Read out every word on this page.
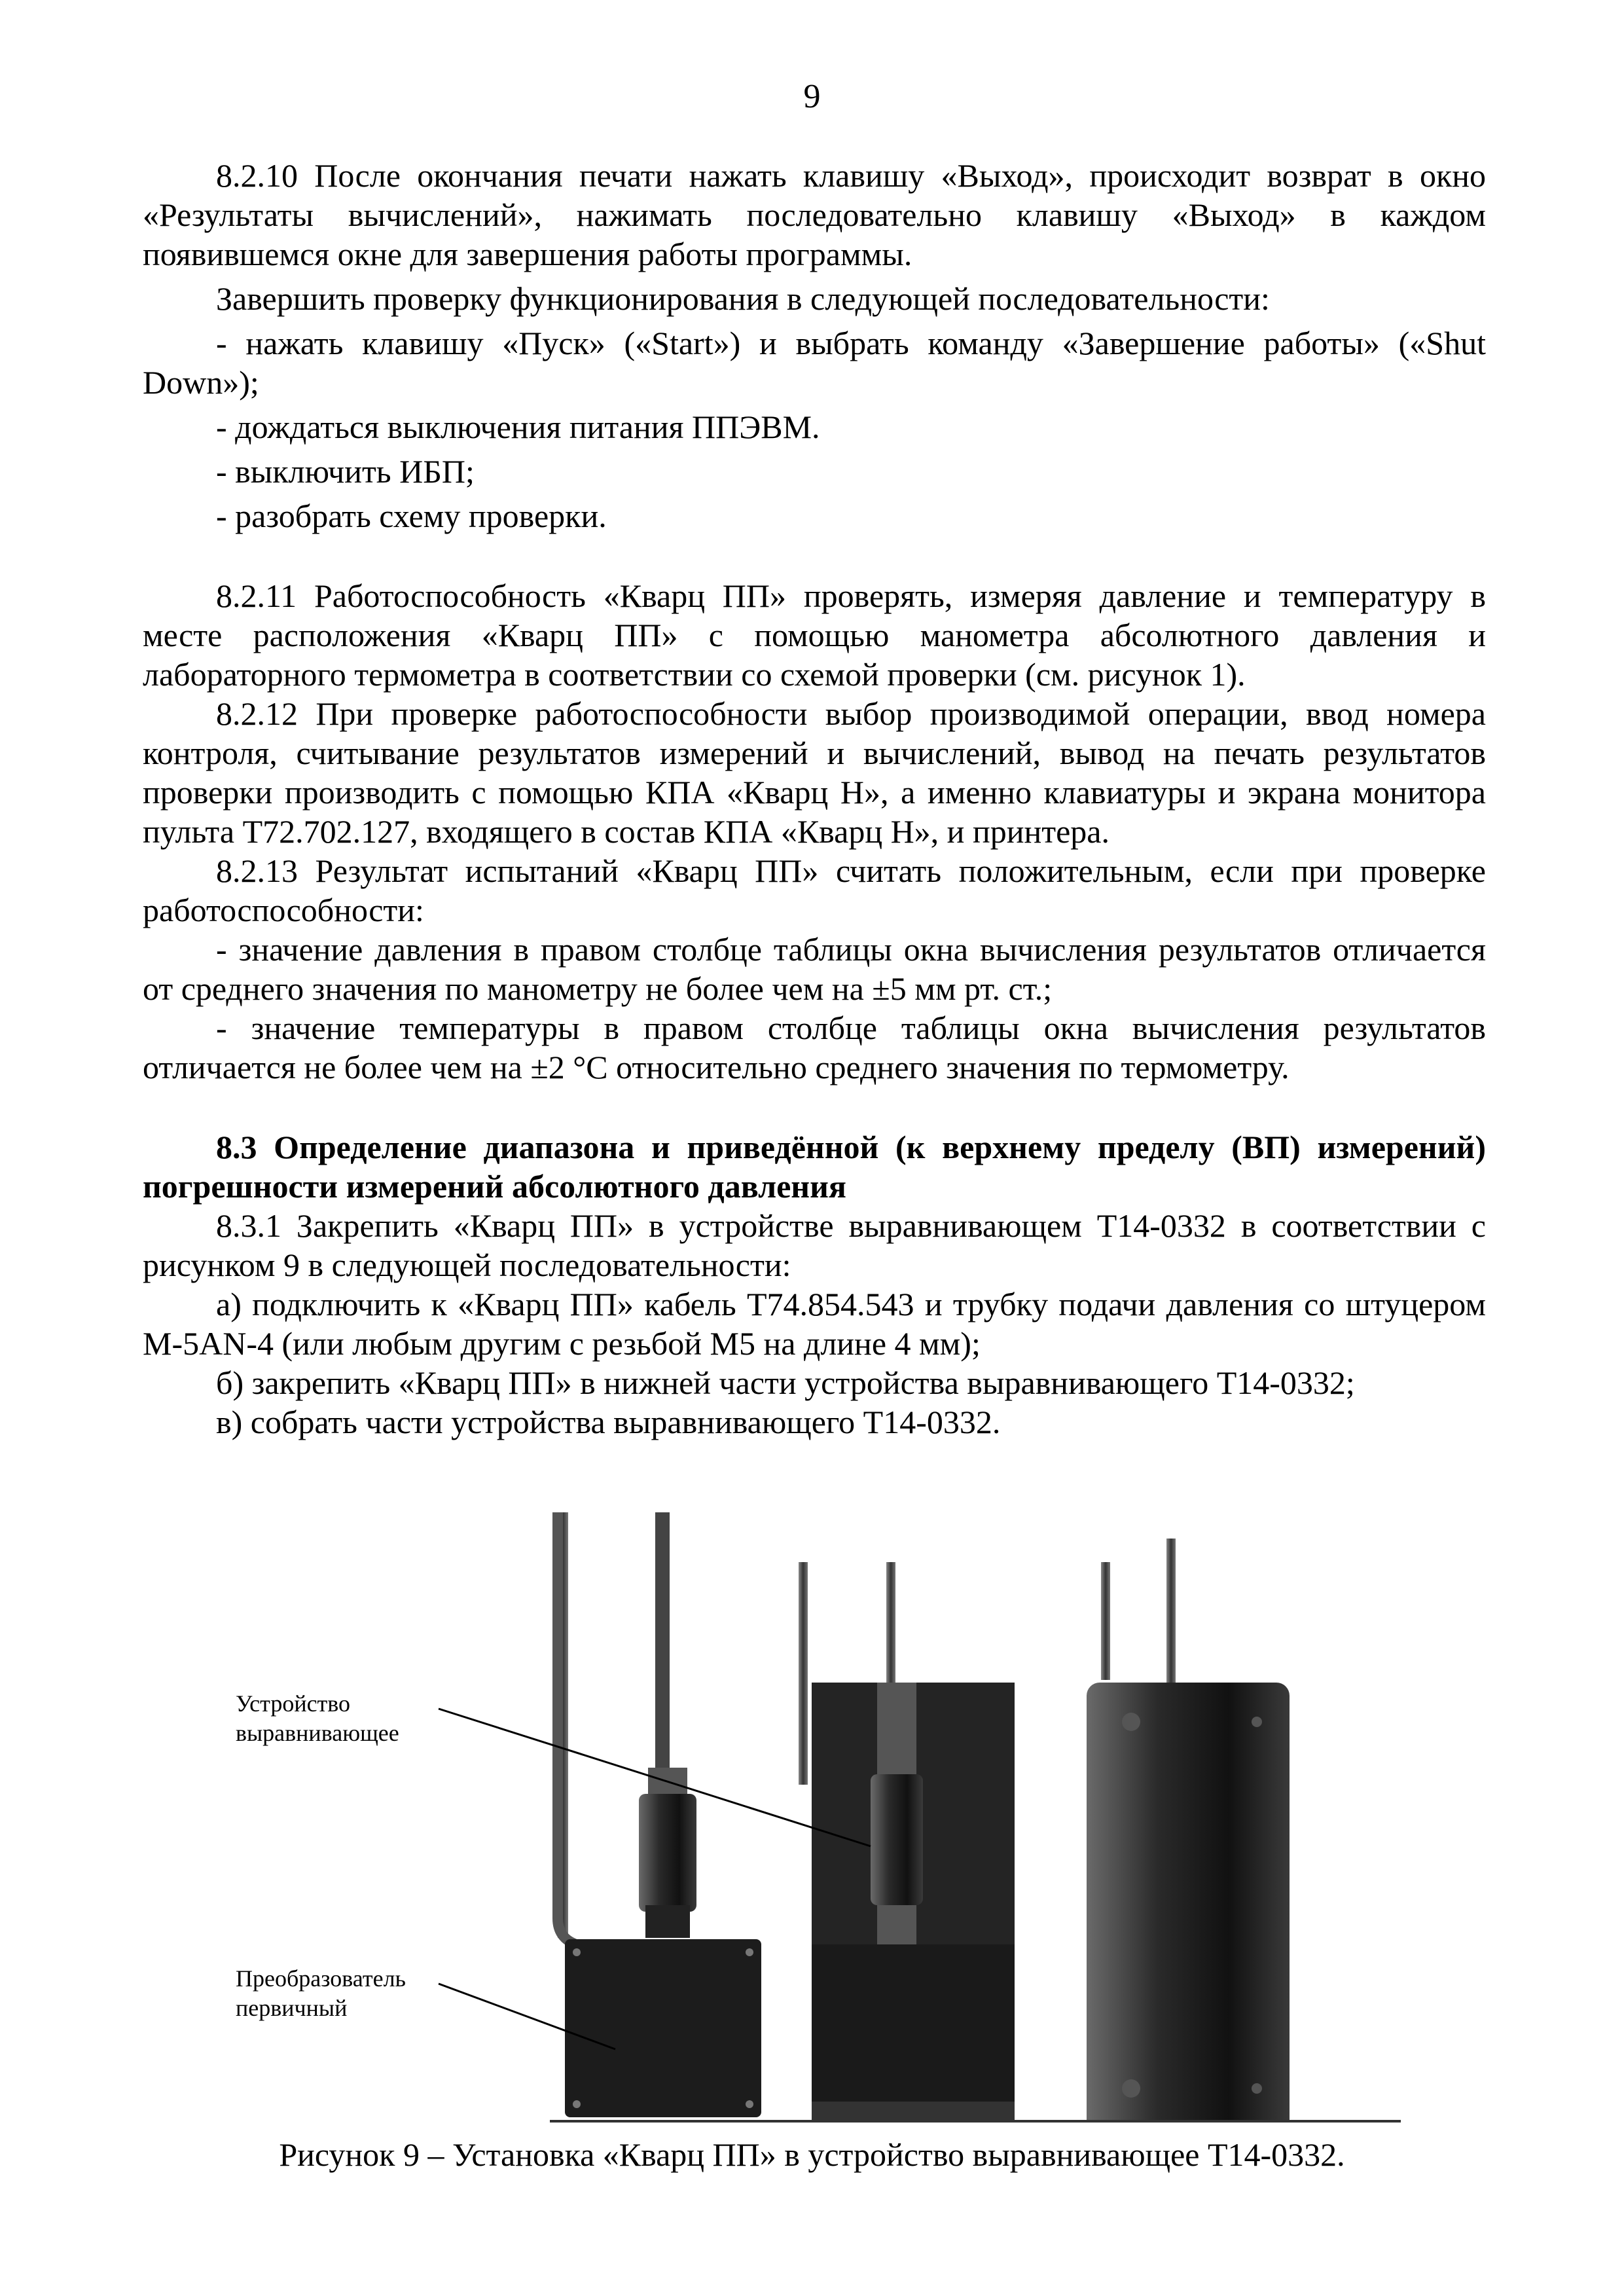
9

8.2.10 После окончания печати нажать клавишу «Выход», происходит возврат в окно «Результаты вычислений», нажимать последовательно клавишу «Выход» в каждом появившемся окне для завершения работы программы.

Завершить проверку функционирования в следующей последовательности:

- нажать клавишу «Пуск» («Start») и выбрать команду «Завершение работы» («Shut Down»);

- дождаться выключения питания ППЭВМ.

- выключить ИБП;

- разобрать схему проверки.

8.2.11 Работоспособность «Кварц ПП» проверять, измеряя давление и температуру в месте расположения «Кварц ПП» с помощью манометра абсолютного давления и лабораторного термометра в соответствии со схемой проверки (см. рисунок 1).

8.2.12 При проверке работоспособности выбор производимой операции, ввод номера контроля, считывание результатов измерений и вычислений, вывод на печать результатов проверки производить с помощью КПА «Кварц Н», а именно клавиатуры и экрана монитора пульта Т72.702.127, входящего в состав КПА «Кварц Н», и принтера.

8.2.13 Результат испытаний «Кварц ПП» считать положительным, если при проверке работоспособности:

- значение давления в правом столбце таблицы окна вычисления результатов отличается от среднего значения по манометру не более чем на ±5 мм рт. ст.;

- значение температуры в правом столбце таблицы окна вычисления результатов отличается не более чем на ±2 °С относительно среднего значения по термометру.

8.3 Определение диапазона и приведённой (к верхнему пределу (ВП) измерений) погрешности измерений абсолютного давления

8.3.1 Закрепить «Кварц ПП» в устройстве выравнивающем Т14-0332 в соответствии с рисунком 9 в следующей последовательности:

а) подключить к «Кварц ПП» кабель Т74.854.543 и трубку подачи давления со штуцером М-5AN-4 (или любым другим с резьбой М5 на длине 4 мм);

б) закрепить «Кварц ПП» в нижней части устройства выравнивающего Т14-0332;

в) собрать части устройства выравнивающего Т14-0332.

Устройство
выравнивающее
Преобразователь
первичный
Рисунок 9 – Установка «Кварц ПП» в устройство выравнивающее Т14-0332.
